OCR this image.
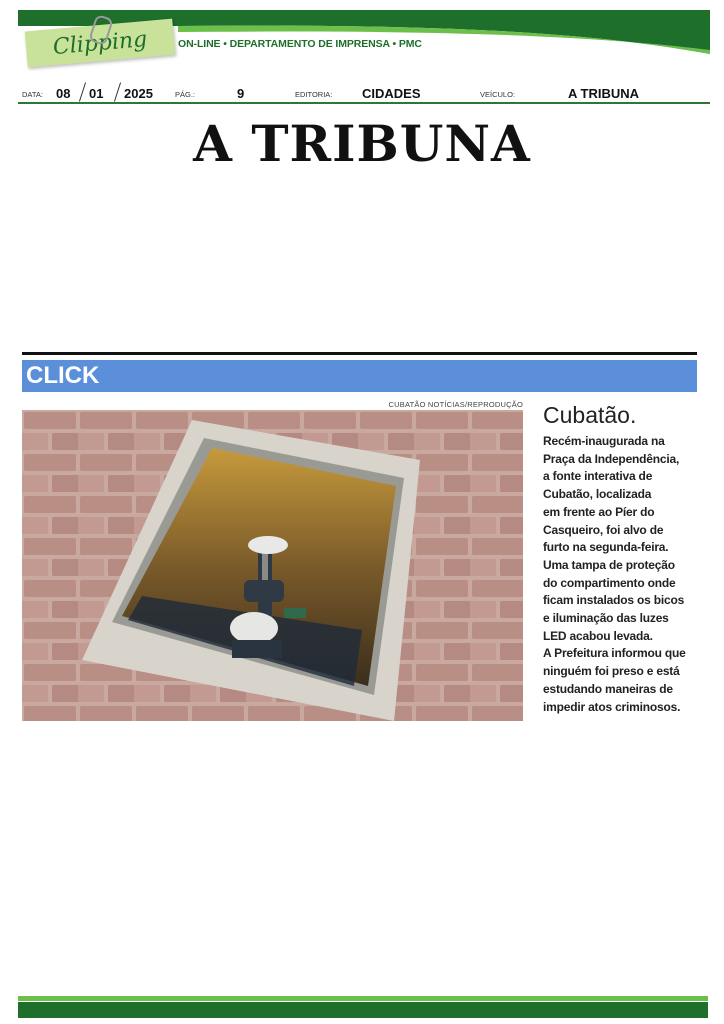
Clipping	ON-LINE • DEPARTAMENTO DE IMPRENSA • PMC
DATA: 08 01 2025	PÁG.:	9	EDITORIA: CIDADES	VEÍCULO:	A TRIBUNA
A TRIBUNA
CLICK
CUBATÃO NOTÍCIAS/REPRODUÇÃO Cubatão.
Recém-inaugurada na
Praça da Independência,
a fonte interativa de
Cubatão, localizada
em frente ao Píer do
Casqueiro, foi alvo de
furto na segunda-feira.
Uma tampa de proteção
do compartimento onde
ficam instalados os bicos
e iluminação das luzes
LED acabou levada.
A Prefeitura informou que
ninguém foi preso e está
estudando maneiras de
impedir atos criminosos.
